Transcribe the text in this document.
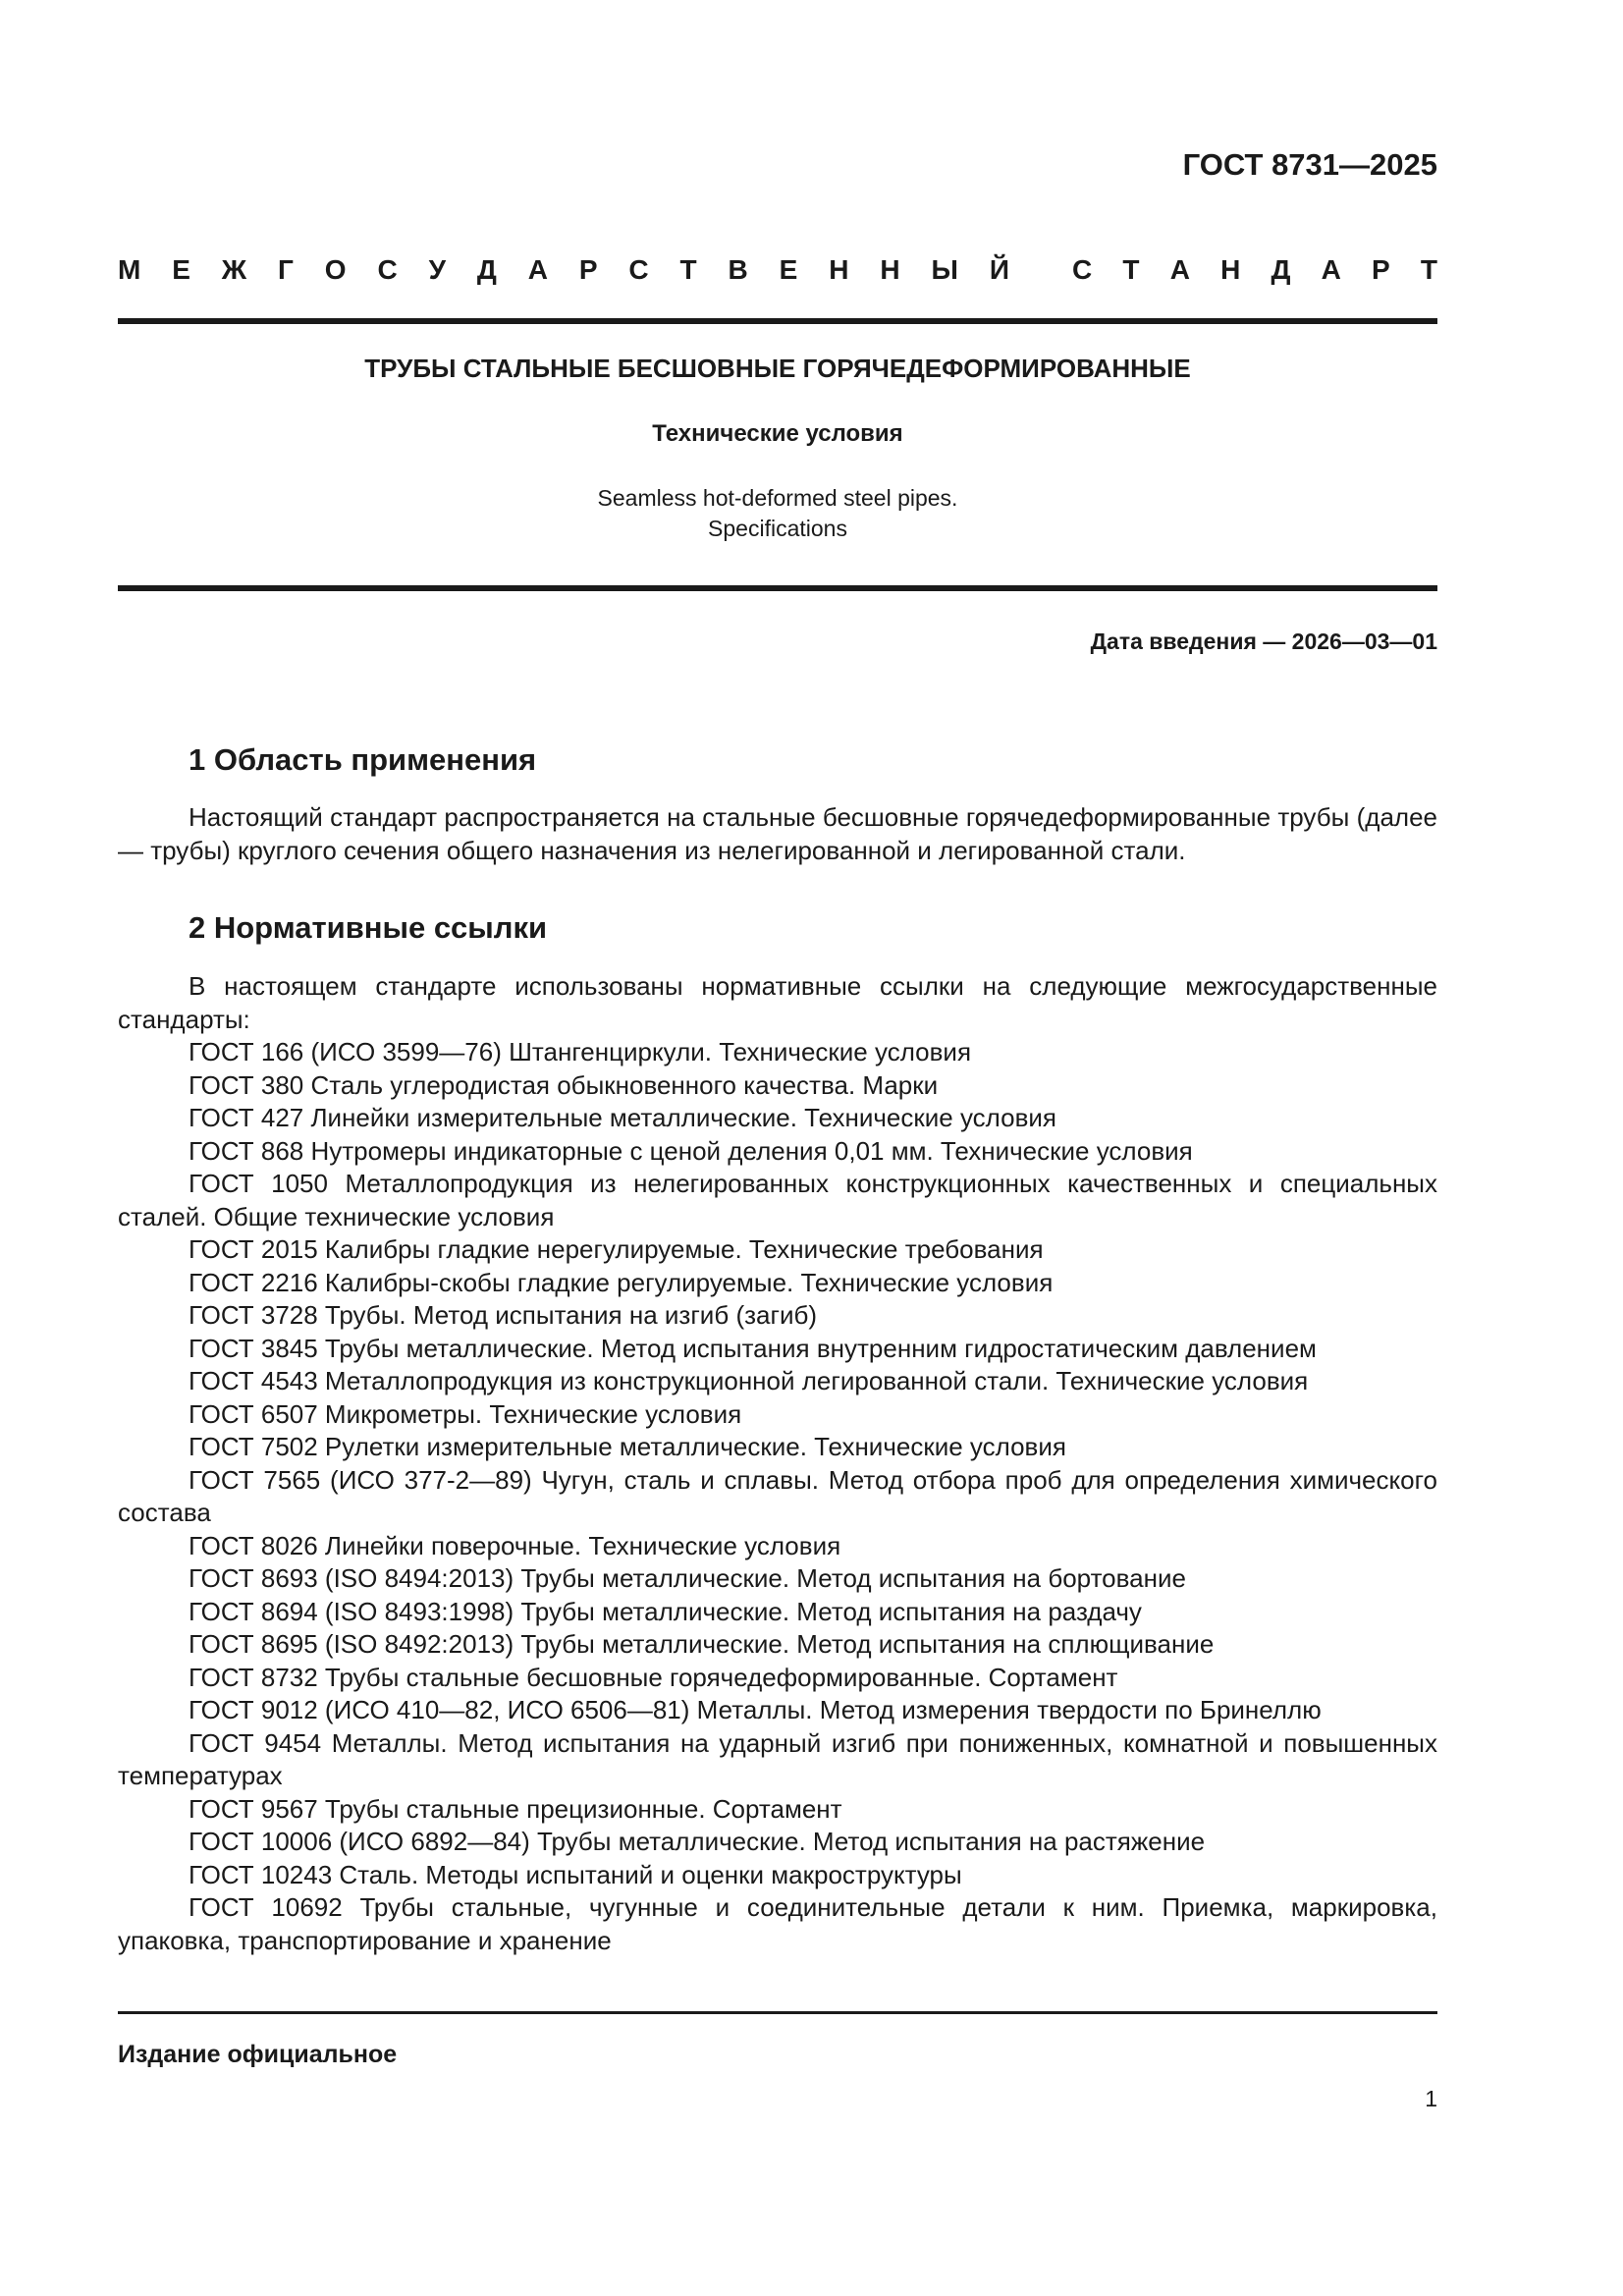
ГОСТ 8731—2025
М Е Ж Г О С У Д А Р С Т В Е Н Н Ы Й С Т А Н Д А Р Т
ТРУБЫ СТАЛЬНЫЕ БЕСШОВНЫЕ ГОРЯЧЕДЕФОРМИРОВАННЫЕ
Технические условия
Seamless hot-deformed steel pipes.
Specifications
Дата введения — 2026—03—01
1 Область применения

Настоящий стандарт распространяется на стальные бесшовные горячедеформированные трубы (далее — трубы) круглого сечения общего назначения из нелегированной и легированной стали.

2 Нормативные ссылки

В настоящем стандарте использованы нормативные ссылки на следующие межгосударственные стандарты:

ГОСТ 166 (ИСО 3599—76) Штангенциркули. Технические условия

ГОСТ 380 Сталь углеродистая обыкновенного качества. Марки

ГОСТ 427 Линейки измерительные металлические. Технические условия

ГОСТ 868 Нутромеры индикаторные с ценой деления 0,01 мм. Технические условия

ГОСТ 1050 Металлопродукция из нелегированных конструкционных качественных и специальных сталей. Общие технические условия

ГОСТ 2015 Калибры гладкие нерегулируемые. Технические требования

ГОСТ 2216 Калибры-скобы гладкие регулируемые. Технические условия

ГОСТ 3728 Трубы. Метод испытания на изгиб (загиб)

ГОСТ 3845 Трубы металлические. Метод испытания внутренним гидростатическим давлением

ГОСТ 4543 Металлопродукция из конструкционной легированной стали. Технические условия

ГОСТ 6507 Микрометры. Технические условия

ГОСТ 7502 Рулетки измерительные металлические. Технические условия

ГОСТ 7565 (ИСО 377-2—89) Чугун, сталь и сплавы. Метод отбора проб для определения химического состава

ГОСТ 8026 Линейки поверочные. Технические условия

ГОСТ 8693 (ISO 8494:2013) Трубы металлические. Метод испытания на бортование

ГОСТ 8694 (ISO 8493:1998) Трубы металлические. Метод испытания на раздачу

ГОСТ 8695 (ISO 8492:2013) Трубы металлические. Метод испытания на сплющивание

ГОСТ 8732 Трубы стальные бесшовные горячедеформированные. Сортамент

ГОСТ 9012 (ИСО 410—82, ИСО 6506—81) Металлы. Метод измерения твердости по Бринеллю

ГОСТ 9454 Металлы. Метод испытания на ударный изгиб при пониженных, комнатной и повышенных температурах

ГОСТ 9567 Трубы стальные прецизионные. Сортамент

ГОСТ 10006 (ИСО 6892—84) Трубы металлические. Метод испытания на растяжение

ГОСТ 10243 Сталь. Методы испытаний и оценки макроструктуры

ГОСТ 10692 Трубы стальные, чугунные и соединительные детали к ним. Приемка, маркировка, упаковка, транспортирование и хранение

Издание официальное
1
